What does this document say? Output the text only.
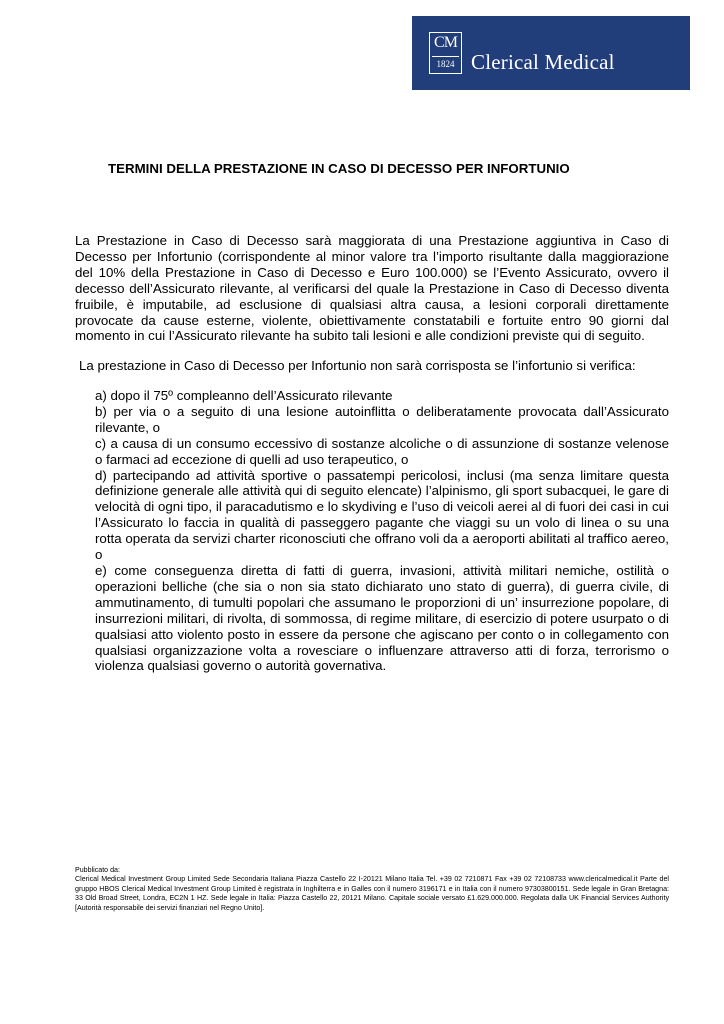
CM
1824 Clerical Medical
TERMINI DELLA PRESTAZIONE IN CASO DI DECESSO PER INFORTUNIO
La Prestazione in Caso di Decesso sarà maggiorata di una Prestazione aggiuntiva in Caso di Decesso per Infortunio (corrispondente al minor valore tra l’importo risultante dalla maggiorazione del 10% della Prestazione in Caso di Decesso e Euro 100.000) se l’Evento Assicurato, ovvero il decesso dell’Assicurato rilevante, al verificarsi del quale la Prestazione in Caso di Decesso diventa fruibile, è imputabile, ad esclusione di qualsiasi altra causa, a lesioni corporali direttamente provocate da cause esterne, violente, obiettivamente constatabili e fortuite entro 90 giorni dal momento in cui l’Assicurato rilevante ha subito tali lesioni e alle condizioni previste qui di seguito.
La prestazione in Caso di Decesso per Infortunio non sarà corrisposta se l’infortunio si verifica:
a) dopo il 75º compleanno dell’Assicurato rilevante
b) per via o a seguito di una lesione autoinflitta o deliberatamente provocata dall’Assicurato rilevante, o
c) a causa di un consumo eccessivo di sostanze alcoliche o di assunzione di sostanze velenose o farmaci ad eccezione di quelli ad uso terapeutico, o
d) partecipando ad attività sportive o passatempi pericolosi, inclusi (ma senza limitare questa definizione generale alle attività qui di seguito elencate) l’alpinismo, gli sport subacquei, le gare di velocità di ogni tipo, il paracadutismo e lo skydiving e l’uso di veicoli aerei al di fuori dei casi in cui l’Assicurato lo faccia in qualità di passeggero pagante che viaggi su un volo di linea o su una rotta operata da servizi charter riconosciuti che offrano voli da a aeroporti abilitati al traffico aereo, o
e) come conseguenza diretta di fatti di guerra, invasioni, attività militari nemiche, ostilità o operazioni belliche (che sia o non sia stato dichiarato uno stato di guerra), di guerra civile, di ammutinamento, di tumulti popolari che assumano le proporzioni di un’ insurrezione popolare, di insurrezioni militari, di rivolta, di sommossa, di regime militare, di esercizio di potere usurpato o di qualsiasi atto violento posto in essere da persone che agiscano per conto o in collegamento con qualsiasi organizzazione volta a rovesciare o influenzare attraverso atti di forza, terrorismo o violenza qualsiasi governo o autorità governativa.
Pubblicato da:
Clerical Medical Investment Group Limited Sede Secondaria Italiana Piazza Castello 22 I-20121 Milano Italia Tel. +39 02 7210871 Fax +39 02 72108733 www.clericalmedical.it Parte del gruppo HBOS Clerical Medical Investment Group Limited è registrata in Inghilterra e in Galles con il numero 3196171 e in Italia con il numero 97303800151. Sede legale in Gran Bretagna: 33 Old Broad Street, Londra, EC2N 1 HZ. Sede legale in Italia: Piazza Castello 22, 20121 Milano. Capitale sociale versato £1.629.000.000. Regolata dalla UK Financial Services Authority [Autorità responsabile dei servizi finanziari nel Regno Unito].
